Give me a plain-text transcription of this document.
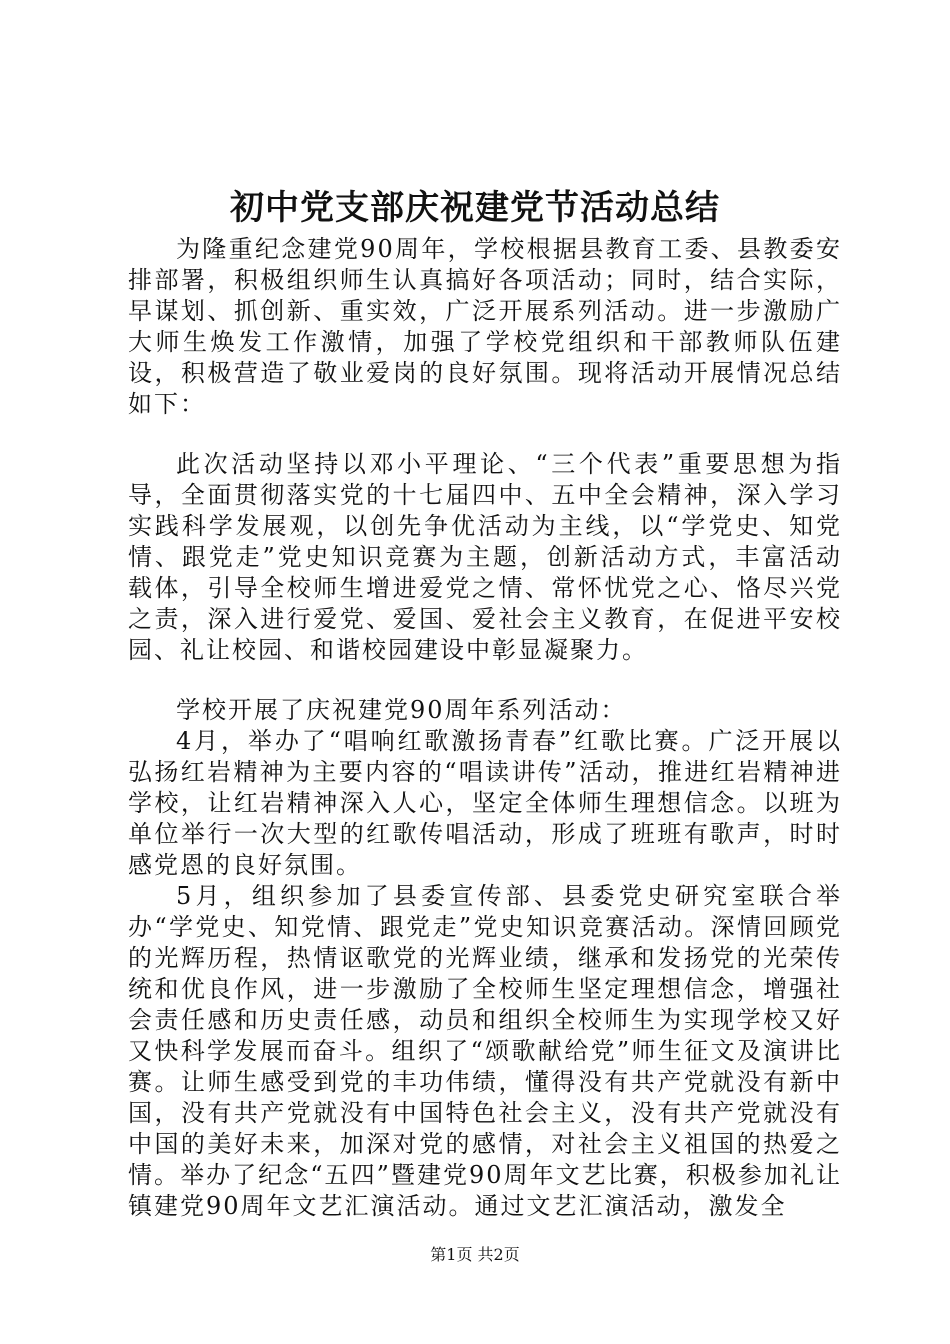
初中党支部庆祝建党节活动总结

为隆重纪念建党90周年，学校根据县教育工委、县教委安排部署，积极组织师生认真搞好各项活动；同时，结合实际，早谋划、抓创新、重实效，广泛开展系列活动。进一步激励广大师生焕发工作激情，加强了学校党组织和干部教师队伍建设，积极营造了敬业爱岗的良好氛围。现将活动开展情况总结如下：

此次活动坚持以邓小平理论、“三个代表”重要思想为指导，全面贯彻落实党的十七届四中、五中全会精神，深入学习实践科学发展观，以创先争优活动为主线，以“学党史、知党情、跟党走”党史知识竞赛为主题，创新活动方式，丰富活动载体，引导全校师生增进爱党之情、常怀忧党之心、恪尽兴党之责，深入进行爱党、爱国、爱社会主义教育，在促进平安校园、礼让校园、和谐校园建设中彰显凝聚力。

学校开展了庆祝建党90周年系列活动：

4月，举办了“唱响红歌激扬青春”红歌比赛。广泛开展以弘扬红岩精神为主要内容的“唱读讲传”活动，推进红岩精神进学校，让红岩精神深入人心，坚定全体师生理想信念。以班为单位举行一次大型的红歌传唱活动，形成了班班有歌声，时时感党恩的良好氛围。

5月，组织参加了县委宣传部、县委党史研究室联合举办“学党史、知党情、跟党走”党史知识竞赛活动。深情回顾党的光辉历程，热情讴歌党的光辉业绩，继承和发扬党的光荣传统和优良作风，进一步激励了全校师生坚定理想信念，增强社会责任感和历史责任感，动员和组织全校师生为实现学校又好又快科学发展而奋斗。组织了“颂歌献给党”师生征文及演讲比赛。让师生感受到党的丰功伟绩，懂得没有共产党就没有新中国，没有共产党就没有中国特色社会主义，没有共产党就没有中国的美好未来，加深对党的感情，对社会主义祖国的热爱之情。举办了纪念“五四”暨建党90周年文艺比赛，积极参加礼让镇建党90周年文艺汇演活动。通过文艺汇演活动，激发全

第1页 共2页
